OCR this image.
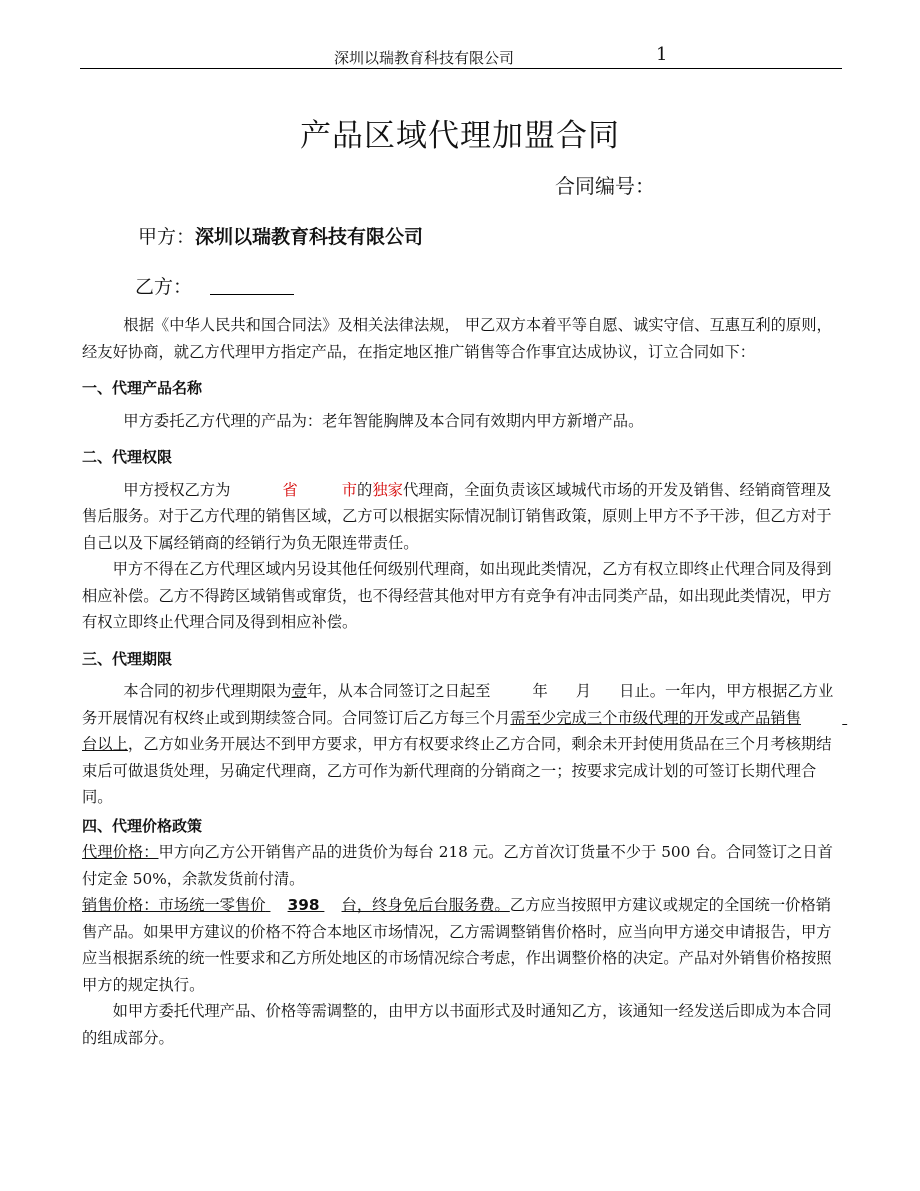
深圳以瑞教育科技有限公司	1
产品区域代理加盟合同
合同编号：
甲方：深圳以瑞教育科技有限公司
乙方：

根据《中华人民共和国合同法》及相关法律法规， 甲乙双方本着平等自愿、诚实守信、互惠互利的原则，经友好协商，就乙方代理甲方指定产品，在指定地区推广销售等合作事宜达成协议，订立合同如下：

一、代理产品名称

甲方委托乙方代理的产品为：老年智能胸牌及本合同有效期内甲方新增产品。

二、代理权限

甲方授权乙方为	省	市的独家代理商，全面负责该区域城代市场的开发及销售、经销商管理及售后服务。对于乙方代理的销售区域，乙方可以根据实际情况制订销售政策，原则上甲方不予干涉，但乙方对于自己以及下属经销商的经销行为负无限连带责任。

甲方不得在乙方代理区域内另设其他任何级别代理商，如出现此类情况，乙方有权立即终止代理合同及得到相应补偿。乙方不得跨区域销售或窜货，也不得经营其他对甲方有竞争有冲击同类产品，如出现此类情况，甲方有权立即终止代理合同及得到相应补偿。

三、代理期限

本合同的初步代理期限为壹年，从本合同签订之日起至	年 月 日止。一年内，甲方根据乙方业务开展情况有权终止或到期续签合同。合同签订后乙方每三个月需至少完成三个市级代理的开发或产品销售 台以上，乙方如业务开展达不到甲方要求，甲方有权要求终止乙方合同，剩余未开封使用货品在三个月考核期结束后可做退货处理，另确定代理商，乙方可作为新代理商的分销商之一；按要求完成计划的可签订长期代理合同。

四、代理价格政策

代理价格：甲方向乙方公开销售产品的进货价为每台 218 元。乙方首次订货量不少于 500 台。合同签订之日首付定金 50%，余款发货前付清。

销售价格：市场统一零售价 398 台，终身免后台服务费。乙方应当按照甲方建议或规定的全国统一价格销售产品。如果甲方建议的价格不符合本地区市场情况，乙方需调整销售价格时，应当向甲方递交申请报告，甲方应当根据系统的统一性要求和乙方所处地区的市场情况综合考虑，作出调整价格的决定。产品对外销售价格按照甲方的规定执行。

如甲方委托代理产品、价格等需调整的，由甲方以书面形式及时通知乙方，该通知一经发送后即成为本合同的组成部分。
